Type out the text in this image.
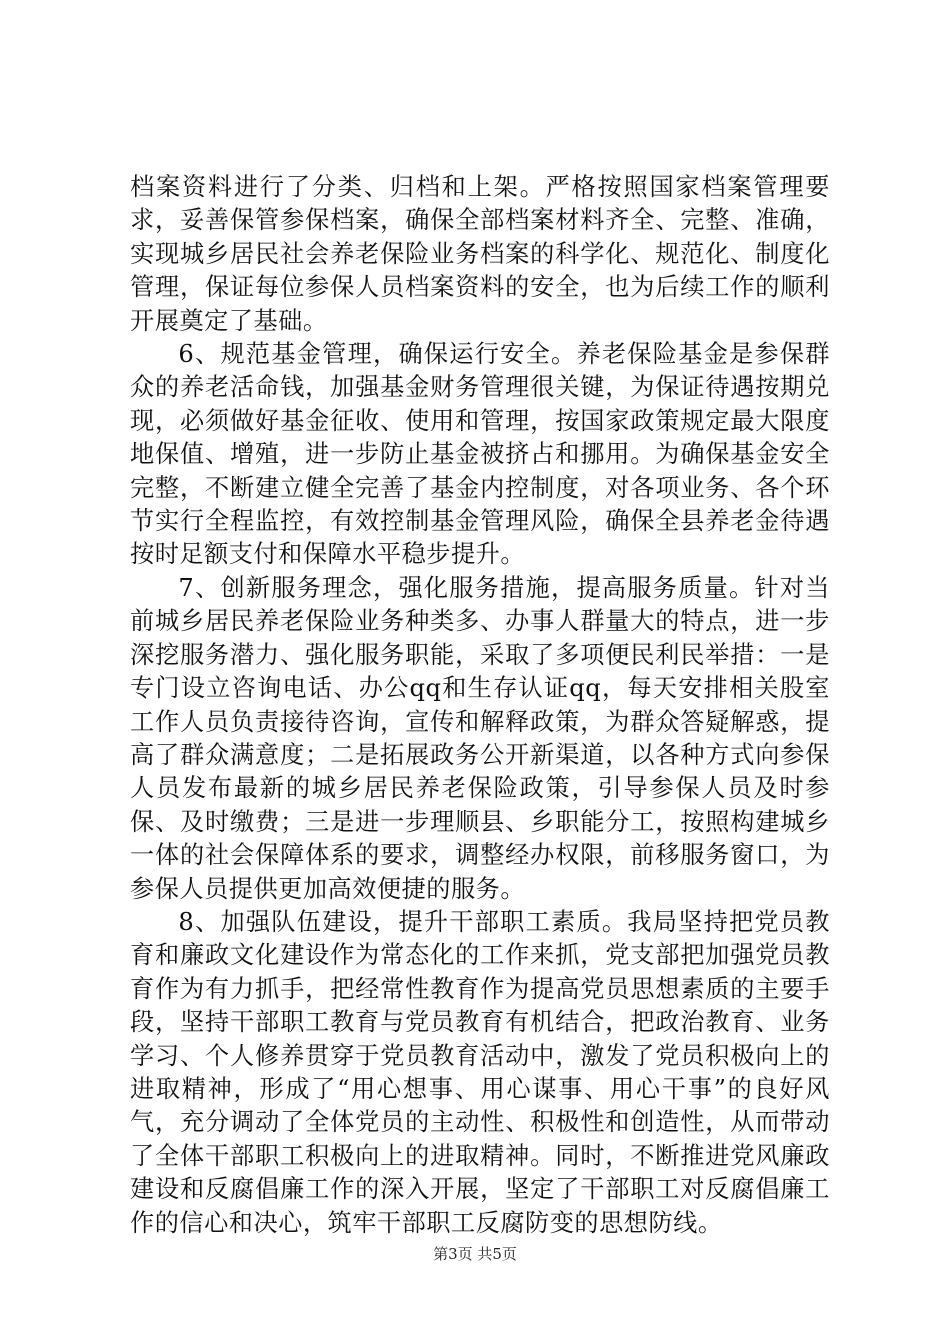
档案资料进行了分类、归档和上架。严格按照国家档案管理要求，妥善保管参保档案，确保全部档案材料齐全、完整、准确，实现城乡居民社会养老保险业务档案的科学化、规范化、制度化管理，保证每位参保人员档案资料的安全，也为后续工作的顺利开展奠定了基础。

6、规范基金管理，确保运行安全。养老保险基金是参保群众的养老活命钱，加强基金财务管理很关键，为保证待遇按期兑现，必须做好基金征收、使用和管理，按国家政策规定最大限度地保值、增殖，进一步防止基金被挤占和挪用。为确保基金安全完整，不断建立健全完善了基金内控制度，对各项业务、各个环节实行全程监控，有效控制基金管理风险，确保全县养老金待遇按时足额支付和保障水平稳步提升。

7、创新服务理念，强化服务措施，提高服务质量。针对当前城乡居民养老保险业务种类多、办事人群量大的特点，进一步深挖服务潜力、强化服务职能，采取了多项便民利民举措：一是专门设立咨询电话、办公qq和生存认证qq，每天安排相关股室工作人员负责接待咨询，宣传和解释政策，为群众答疑解惑，提高了群众满意度；二是拓展政务公开新渠道，以各种方式向参保人员发布最新的城乡居民养老保险政策，引导参保人员及时参保、及时缴费；三是进一步理顺县、乡职能分工，按照构建城乡一体的社会保障体系的要求，调整经办权限，前移服务窗口，为参保人员提供更加高效便捷的服务。

8、加强队伍建设，提升干部职工素质。我局坚持把党员教育和廉政文化建设作为常态化的工作来抓，党支部把加强党员教育作为有力抓手，把经常性教育作为提高党员思想素质的主要手段，坚持干部职工教育与党员教育有机结合，把政治教育、业务学习、个人修养贯穿于党员教育活动中，激发了党员积极向上的进取精神，形成了“用心想事、用心谋事、用心干事”的良好风气，充分调动了全体党员的主动性、积极性和创造性，从而带动了全体干部职工积极向上的进取精神。同时，不断推进党风廉政建设和反腐倡廉工作的深入开展，坚定了干部职工对反腐倡廉工作的信心和决心，筑牢干部职工反腐防变的思想防线。

第3页 共5页
